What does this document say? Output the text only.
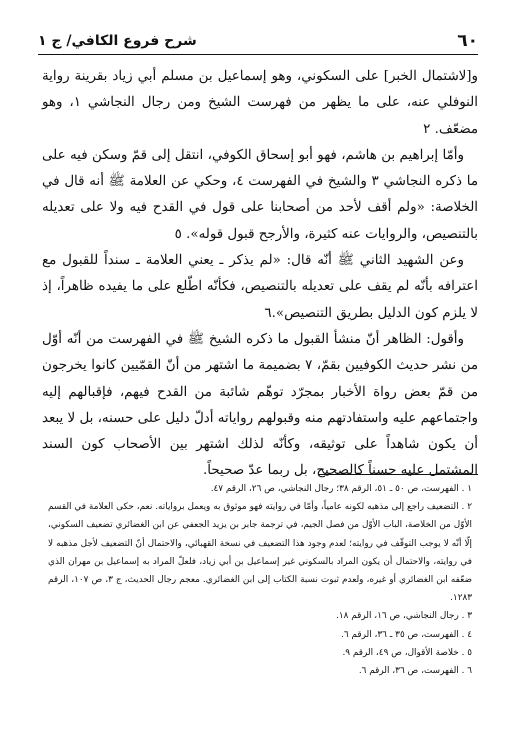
٦٠
شرح فروع الكافي/ ج ١

و[لاشتمال الخبر] على السكوني، وهو إسماعيل بن مسلم أبي زياد بقرينة رواية النوفلي عنه، على ما يظهر من فهرست الشيخ ومن رجال النجاشي ١، وهو مضعّف. ٢

وأمّا إبراهيم بن هاشم، فهو أبو إسحاق الكوفي، انتقل إلى قمّ وسكن فيه على ما ذكره النجاشي ٣ والشيخ في الفهرست ٤، وحكي عن العلامة ﷺ أنه قال في الخلاصة: «ولم أقف لأحد من أصحابنا على قول في القدح فيه ولا على تعديله بالتنصيص، والروايات عنه كثيرة، والأرجح قبول قوله». ٥

وعن الشهيد الثاني ﷺ أنّه قال: «لم يذكر ـ يعني العلامة ـ سنداً للقبول مع اعترافه بأنّه لم يقف على تعديله بالتنصيص، فكأنّه اطّلع على ما يفيده ظاهراً، إذ لا يلزم كون الدليل بطريق التنصيص».٦

وأقول: الظاهر أنّ منشأ القبول ما ذكره الشيخ ﷺ في الفهرست من أنّه أوّل من نشر حديث الكوفيين بقمّ، ٧ بضميمة ما اشتهر من أنّ القمّيين كانوا يخرجون من قمّ بعض رواة الأخبار بمجرّد توهّم شائبة من القدح فيهم، فإقبالهم إليه واجتماعهم عليه واستفادتهم منه وقبولهم رواياته أدلّ دليل على حسنه، بل لا يبعد أن يكون شاهداً على توثيقه، وكأنّه لذلك اشتهر بين الأصحاب كون السند المشتمل عليه حسناً كالصحيح، بل ربما عدّ صحيحاً.

١ . الفهرست، ص ٥٠ ـ ٥١، الرقم ٣٨؛ رجال النجاشي، ص ٢٦، الرقم ٤٧.

٢ . التضعيف راجع إلى مذهبه لكونه عامياً، وأمّا في روايته فهو موثوق به ويعمل برواياته. نعم، حكى العلامة في القسم الأوّل من الخلاصة، الباب الأوّل من فصل الجيم، في ترجمة جابر بن يزيد الجعفي عن ابن الغضائري تضعيف السكوني، إلّا أنّه لا يوجب التوقّف في روايته؛ لعدم وجود هذا التضعيف في نسخة القهبائي، والاحتمال أنّ التضعيف لأجل مذهبه لا في روايته، والاحتمال أن يكون المراد بالسكوني غير إسماعيل بن أبي زياد، فلعلّ المراد به إسماعيل بن مهران الذي ضعّفه ابن الغضائري أو غيره، ولعدم ثبوت نسبة الكتاب إلى ابن الغضائري. معجم رجال الحديث، ج ٣، ص ١٠٧، الرقم ١٢٨٣.

٣ . رجال النجاشي، ص ١٦، الرقم ١٨.

٤ . الفهرست، ص ٣٥ ـ ٣٦، الرقم ٦.

٥ . خلاصة الأقوال، ص ٤٩، الرقم ٩.

٦ . الفهرست، ص ٣٦، الرقم ٦.
